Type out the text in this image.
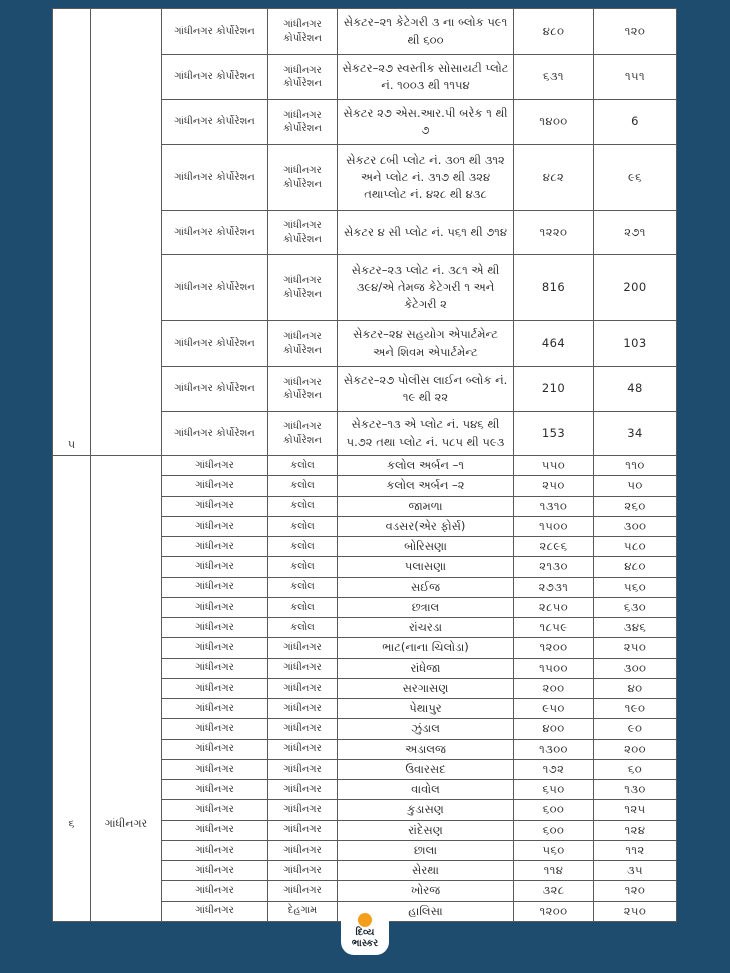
૫		ગાંધીનગર કોર્પોરેશન	ગાંધીનગર કોર્પોરેશન	સેકટર–૨૧ કેટેગરી ૩ ના બ્લોક પ૯૧ થી ૬૦૦	૪૮૦	૧૨૦
		ગાંધીનગર કોર્પોરેશન	ગાંધીનગર કોર્પોરેશન	સેકટર–૨૭ સ્વસ્તીક સોસાયટી પ્લોટ નં. ૧૦૦૩ થી ૧૧૫૪	૬૩૧	૧૫૧
		ગાંધીનગર કોર્પોરેશન	ગાંધીનગર કોર્પોરેશન	સેકટર ૨૭ એસ.આર.પી બરેક ૧ થી ૭	૧૪૦૦	6
		ગાંધીનગર કોર્પોરેશન	ગાંધીનગર કોર્પોરેશન	સેકટર ૮બી પ્લોટ નં. ૩૦૧ થી ૩૧૨ અને પ્લોટ નં. ૩૧૭ થી ૩૨૪ તથાપ્લોટ નં. ૪૨૮ થી ૪૩૮	૪૮૨	૯૬
		ગાંધીનગર કોર્પોરેશન	ગાંધીનગર કોર્પોરેશન	સેકટર ૪ સી પ્લોટ નં. પ૬૧ થી ૭૧૪	૧૨૨૦	૨૭૧
		ગાંધીનગર કોર્પોરેશન	ગાંધીનગર કોર્પોરેશન	સેકટર–૨૩ પ્લોટ નં. ૩૮૧ એ થી ૩૯૪/એ તેમજ કેટેગરી ૧ અને કેટેગરી ૨	816	200
		ગાંધીનગર કોર્પોરેશન	ગાંધીનગર કોર્પોરેશન	સેકટર–૨૪ સહયોગ એપાર્ટમેન્ટ અને શિવમ એપાર્ટમેન્ટ	464	103
		ગાંધીનગર કોર્પોરેશન	ગાંધીનગર કોર્પોરેશન	સેકટર–૨૭ પોલીસ લાઈન બ્લોક નં. ૧૯ થી ૨૨	210	48
		ગાંધીનગર કોર્પોરેશન	ગાંધીનગર કોર્પોરેશન	સેકટર–૧૩ એ પ્લોટ નં. પ૪૬ થી પ.૭૨ તથા પ્લોટ નં. પ૮પ થી પ૯૩	153	34
૬	ગાંધીનગર	ગાંધીનગર	કલોલ	કલોલ અર્બન –૧	૫૫૦	૧૧૦
		ગાંધીનગર	કલોલ	કલોલ અર્બન –૨	૨૫૦	૫૦
		ગાંધીનગર	કલોલ	જામળા	૧૩૧૦	૨૬૦
		ગાંધીનગર	કલોલ	વડસર(એર ફોર્સ)	૧૫૦૦	૩૦૦
		ગાંધીનગર	કલોલ	બોરિસણા	૨૮૯૬	૫૮૦
		ગાંધીનગર	કલોલ	પલાસણા	૨૧૩૦	૪૮૦
		ગાંધીનગર	કલોલ	સઈજ	૨૭૩૧	૫૬૦
		ગાંધીનગર	કલોલ	છત્રાલ	૨૮૫૦	૬૩૦
		ગાંધીનગર	કલોલ	રાંચરડા	૧૮૫૯	૩૪૬
		ગાંધીનગર	ગાંધીનગર	ભાટ(નાના ચિલોડા)	૧૨૦૦	૨૫૦
		ગાંધીનગર	ગાંધીનગર	રાંધેજા	૧૫૦૦	૩૦૦
		ગાંધીનગર	ગાંધીનગર	સરગાસણ	૨૦૦	૪૦
		ગાંધીનગર	ગાંધીનગર	પેથાપુર	૯૫૦	૧૯૦
		ગાંધીનગર	ગાંધીનગર	ઝુંડાલ	૪૦૦	૯૦
		ગાંધીનગર	ગાંધીનગર	અડાલજ	૧૩૦૦	૨૦૦
		ગાંધીનગર	ગાંધીનગર	ઉવારસદ	૧૭૨	૬૦
		ગાંધીનગર	ગાંધીનગર	વાવોલ	૬૫૦	૧૩૦
		ગાંધીનગર	ગાંધીનગર	કુડાસણ	૬૦૦	૧૨૫
		ગાંધીનગર	ગાંધીનગર	રાંદેસણ	૬૦૦	૧૨૪
		ગાંધીનગર	ગાંધીનગર	છાલા	૫૬૦	૧૧૨
		ગાંધીનગર	ગાંધીનગર	સેરથા	૧૧૪	૩૫
		ગાંધીનગર	ગાંધીનગર	ખોરજ	૩૨૮	૧૨૦
		ગાંધીનગર	દેહગામ	હાલિસા	૧૨૦૦	૨૫૦
દિવ્ય
ભાસ્કર
